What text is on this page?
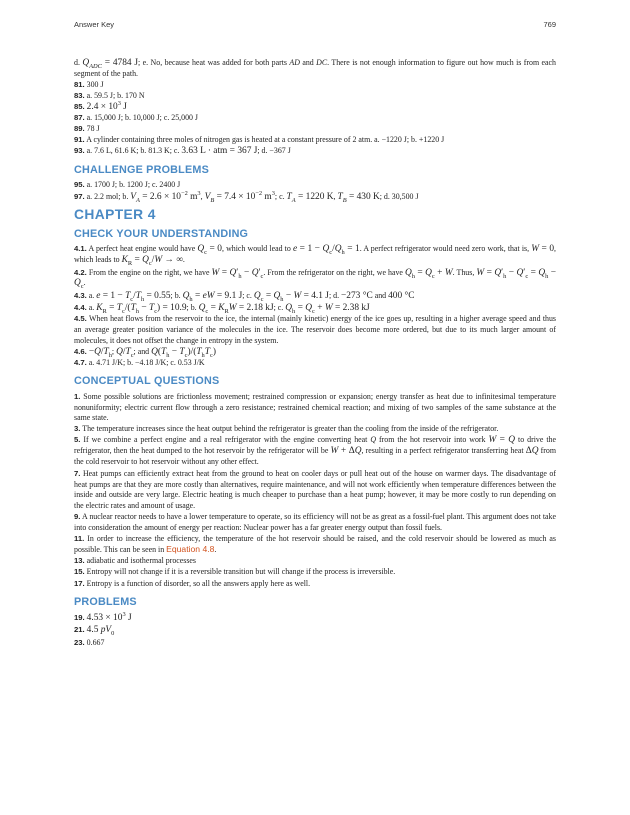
Answer Key	769
d. $Q_{ADC} = 4784$ J; e. No, because heat was added for both parts AD and DC. There is not enough information to figure out how much is from each segment of the path.
81. 300 J
83. a. 59.5 J; b. 170 N
85. $2.4 \times 10^3$ J
87. a. 15,000 J; b. 10,000 J; c. 25,000 J
89. 78 J
91. A cylinder containing three moles of nitrogen gas is heated at a constant pressure of 2 atm. a. −1220 J; b. +1220 J
93. a. 7.6 L, 61.6 K; b. 81.3 K; c. 3.63 L · atm = 367 J; d. −367 J
CHALLENGE PROBLEMS
95. a. 1700 J; b. 1200 J; c. 2400 J
97. a. 2.2 mol; b. $V_A = 2.6 \times 10^{-2}$ $m^3$, $V_B = 7.4 \times 10^{-2}$ $m^3$; c. $T_A = 1220$ K, $T_B = 430$ K; d. 30,500 J
CHAPTER 4
CHECK YOUR UNDERSTANDING
4.1. A perfect heat engine would have $Q_c = 0$, which would lead to $e = 1 - Q_c/Q_h = 1$. A perfect refrigerator would need zero work, that is, W = 0, which leads to $K_R = Q_c/W$ → ∞.
4.2. From the engine on the right, we have $W = Q'_h - Q'_c$. From the refrigerator on the right, we have $Q_h = Q_c + W$. Thus, $W = Q'_h - Q'_c = Q_h - Q_c$.
4.3. a. $e = 1 - T_c/T_h = 0.55$; b. $Q_h$ = eW = 9.1 J; c. $Q_c = Q_h - W = 4.1$ J; d. −273 °C and 400 °C
4.4. a. $K_R = T_c/(T_h - T_c) = 10.9$; b. $Q_c = K_RW = 2.18$ kJ; c. $Q_h = Q_c + W = 2.38$ kJ
4.5. When heat flows from the reservoir to the ice, the internal (mainly kinetic) energy of the ice goes up, resulting in a higher average speed and thus an average greater position variance of the molecules in the ice. The reservoir does become more ordered, but due to its much larger amount of molecules, it does not offset the change in entropy in the system.
4.6. $-Q/T_h$; $Q/T_c$; and $Q(T_h - T_c)/(T_hT_c)$
4.7. a. 4.71 J/K; b. −4.18 J/K; c. 0.53 J/K
CONCEPTUAL QUESTIONS
1. Some possible solutions are frictionless movement; restrained compression or expansion; energy transfer as heat due to infinitesimal temperature nonuniformity; electric current flow through a zero resistance; restrained chemical reaction; and mixing of two samples of the same substance at the same state.
3. The temperature increases since the heat output behind the refrigerator is greater than the cooling from the inside of the refrigerator.
5. If we combine a perfect engine and a real refrigerator with the engine converting heat Q from the hot reservoir into work W = Q to drive the refrigerator, then the heat dumped to the hot reservoir by the refrigerator will be W + ΔQ, resulting in a perfect refrigerator transferring heat ΔQ from the cold reservoir to hot reservoir without any other effect.
7. Heat pumps can efficiently extract heat from the ground to heat on cooler days or pull heat out of the house on warmer days. The disadvantage of heat pumps are that they are more costly than alternatives, require maintenance, and will not work efficiently when temperature differences between the inside and outside are very large. Electric heating is much cheaper to purchase than a heat pump; however, it may be more costly to run depending on the electric rates and amount of usage.
9. A nuclear reactor needs to have a lower temperature to operate, so its efficiency will not be as great as a fossil-fuel plant. This argument does not take into consideration the amount of energy per reaction: Nuclear power has a far greater energy output than fossil fuels.
11. In order to increase the efficiency, the temperature of the hot reservoir should be raised, and the cold reservoir should be lowered as much as possible. This can be seen in Equation 4.8.
13. adiabatic and isothermal processes
15. Entropy will not change if it is a reversible transition but will change if the process is irreversible.
17. Entropy is a function of disorder, so all the answers apply here as well.
PROBLEMS
19. $4.53 \times 10^3$ J
21. 4.5 $pV_0$
23. 0.667
